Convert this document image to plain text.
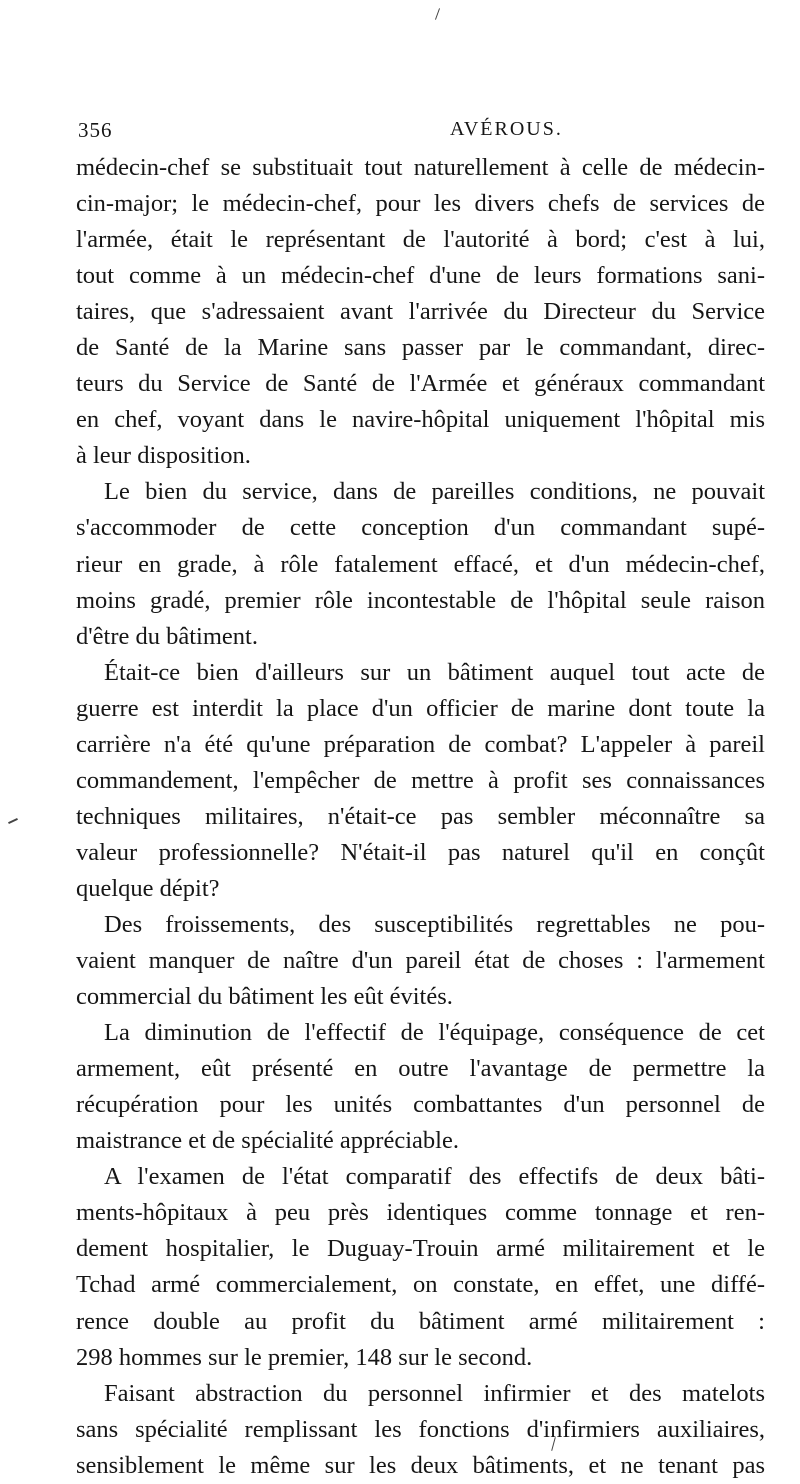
356	AVÉROUS.
médecin-chef se substituait tout naturellement à celle de médecin-
cin-major; le médecin-chef, pour les divers chefs de services de
l'armée, était le représentant de l'autorité à bord; c'est à lui,
tout comme à un médecin-chef d'une de leurs formations sani-
taires, que s'adressaient avant l'arrivée du Directeur du Service
de Santé de la Marine sans passer par le commandant, direc-
teurs du Service de Santé de l'Armée et généraux commandant
en chef, voyant dans le navire-hôpital uniquement l'hôpital mis
à leur disposition.
Le bien du service, dans de pareilles conditions, ne pouvait
s'accommoder de cette conception d'un commandant supé-
rieur en grade, à rôle fatalement effacé, et d'un médecin-chef,
moins gradé, premier rôle incontestable de l'hôpital seule raison
d'être du bâtiment.
Était-ce bien d'ailleurs sur un bâtiment auquel tout acte de
guerre est interdit la place d'un officier de marine dont toute la
carrière n'a été qu'une préparation de combat? L'appeler à pareil
commandement, l'empêcher de mettre à profit ses connaissances
techniques militaires, n'était-ce pas sembler méconnaître sa
valeur professionnelle? N'était-il pas naturel qu'il en conçût
quelque dépit?
Des froissements, des susceptibilités regrettables ne pou-
vaient manquer de naître d'un pareil état de choses : l'armement
commercial du bâtiment les eût évités.
La diminution de l'effectif de l'équipage, conséquence de cet
armement, eût présenté en outre l'avantage de permettre la
récupération pour les unités combattantes d'un personnel de
maistrance et de spécialité appréciable.
A l'examen de l'état comparatif des effectifs de deux bâti-
ments-hôpitaux à peu près identiques comme tonnage et ren-
dement hospitalier, le Duguay-Trouin armé militairement et le
Tchad armé commercialement, on constate, en effet, une diffé-
rence double au profit du bâtiment armé militairement :
298 hommes sur le premier, 148 sur le second.
Faisant abstraction du personnel infirmier et des matelots
sans spécialité remplissant les fonctions d'infirmiers auxiliaires,
sensiblement le même sur les deux bâtiments, et ne tenant pas
